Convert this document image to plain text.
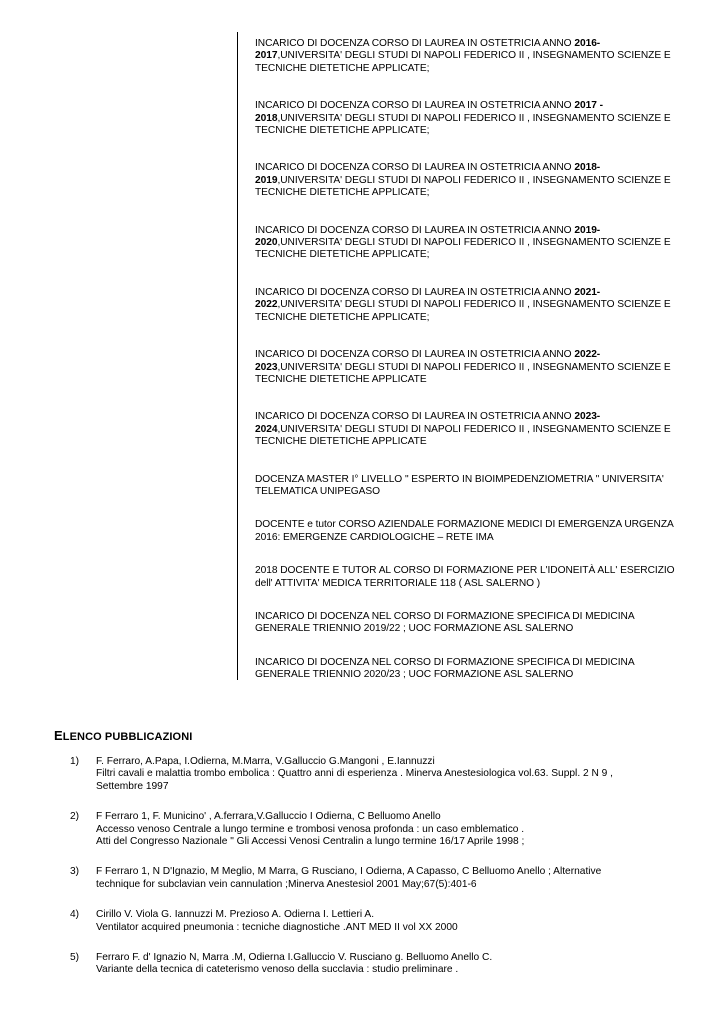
INCARICO DI DOCENZA CORSO DI LAUREA IN OSTETRICIA ANNO 2016-
2017,UNIVERSITA' DEGLI STUDI DI NAPOLI FEDERICO II , INSEGNAMENTO SCIENZE E TECNICHE DIETETICHE APPLICATE;
INCARICO DI DOCENZA CORSO DI LAUREA IN OSTETRICIA ANNO 2017 -
2018,UNIVERSITA' DEGLI STUDI DI NAPOLI FEDERICO II , INSEGNAMENTO SCIENZE E TECNICHE DIETETICHE APPLICATE;
INCARICO DI DOCENZA CORSO DI LAUREA IN OSTETRICIA ANNO 2018-
2019,UNIVERSITA' DEGLI STUDI DI NAPOLI FEDERICO II , INSEGNAMENTO SCIENZE E TECNICHE DIETETICHE APPLICATE;
INCARICO DI DOCENZA CORSO DI LAUREA IN OSTETRICIA ANNO 2019-
2020,UNIVERSITA' DEGLI STUDI DI NAPOLI FEDERICO II , INSEGNAMENTO SCIENZE E TECNICHE DIETETICHE APPLICATE;
INCARICO DI DOCENZA CORSO DI LAUREA IN OSTETRICIA ANNO 2021-
2022,UNIVERSITA' DEGLI STUDI DI NAPOLI FEDERICO II , INSEGNAMENTO SCIENZE E TECNICHE DIETETICHE APPLICATE;
INCARICO DI DOCENZA CORSO DI LAUREA IN OSTETRICIA ANNO 2022-
2023,UNIVERSITA' DEGLI STUDI DI NAPOLI FEDERICO II , INSEGNAMENTO SCIENZE E TECNICHE DIETETICHE APPLICATE
INCARICO DI DOCENZA CORSO DI LAUREA IN OSTETRICIA ANNO 2023-
2024,UNIVERSITA' DEGLI STUDI DI NAPOLI FEDERICO II , INSEGNAMENTO SCIENZE E TECNICHE DIETETICHE APPLICATE
DOCENZA MASTER I° LIVELLO " ESPERTO IN BIOIMPEDENZIOMETRIA " UNIVERSITA' TELEMATICA UNIPEGASO
DOCENTE e tutor CORSO AZIENDALE FORMAZIONE MEDICI DI EMERGENZA URGENZA 2016: EMERGENZE CARDIOLOGICHE – RETE IMA
2018 DOCENTE E TUTOR AL CORSO DI FORMAZIONE PER L'IDONEITÀ ALL' ESERCIZIO dell' ATTIVITA' MEDICA TERRITORIALE 118 ( ASL SALERNO )
INCARICO DI DOCENZA NEL CORSO DI FORMAZIONE SPECIFICA DI MEDICINA GENERALE TRIENNIO 2019/22 ; UOC FORMAZIONE ASL SALERNO
INCARICO DI DOCENZA NEL CORSO DI FORMAZIONE SPECIFICA DI MEDICINA GENERALE TRIENNIO 2020/23 ; UOC FORMAZIONE ASL SALERNO
ELENCO PUBBLICAZIONI
1)	F. Ferraro, A.Papa, I.Odierna, M.Marra, V.Galluccio G.Mangoni , E.Iannuzzi
Filtri cavali e malattia trombo embolica : Quattro anni di esperienza . Minerva Anestesiologica vol.63. Suppl. 2 N 9 ,
Settembre 1997
2)	F Ferraro 1, F. Municino' , A.ferrara,V.Galluccio I Odierna, C Belluomo Anello
Accesso venoso Centrale a lungo termine e trombosi venosa profonda : un caso emblematico .
Atti del Congresso Nazionale " Gli Accessi Venosi Centralin a lungo termine 16/17 Aprile 1998 ;
3)	F Ferraro 1, N D'Ignazio, M Meglio, M Marra, G Rusciano, I Odierna, A Capasso, C Belluomo Anello ; Alternative
technique for subclavian vein cannulation ;Minerva Anestesiol 2001 May;67(5):401-6
4)	Cirillo V. Viola G. Iannuzzi M. Prezioso A. Odierna I. Lettieri A.
Ventilator acquired pneumonia : tecniche diagnostiche .ANT MED II vol XX 2000
5)	Ferraro F. d' Ignazio N, Marra .M, Odierna I.Galluccio V. Rusciano g. Belluomo Anello C.
Variante della tecnica di cateterismo venoso della succlavia : studio preliminare .
